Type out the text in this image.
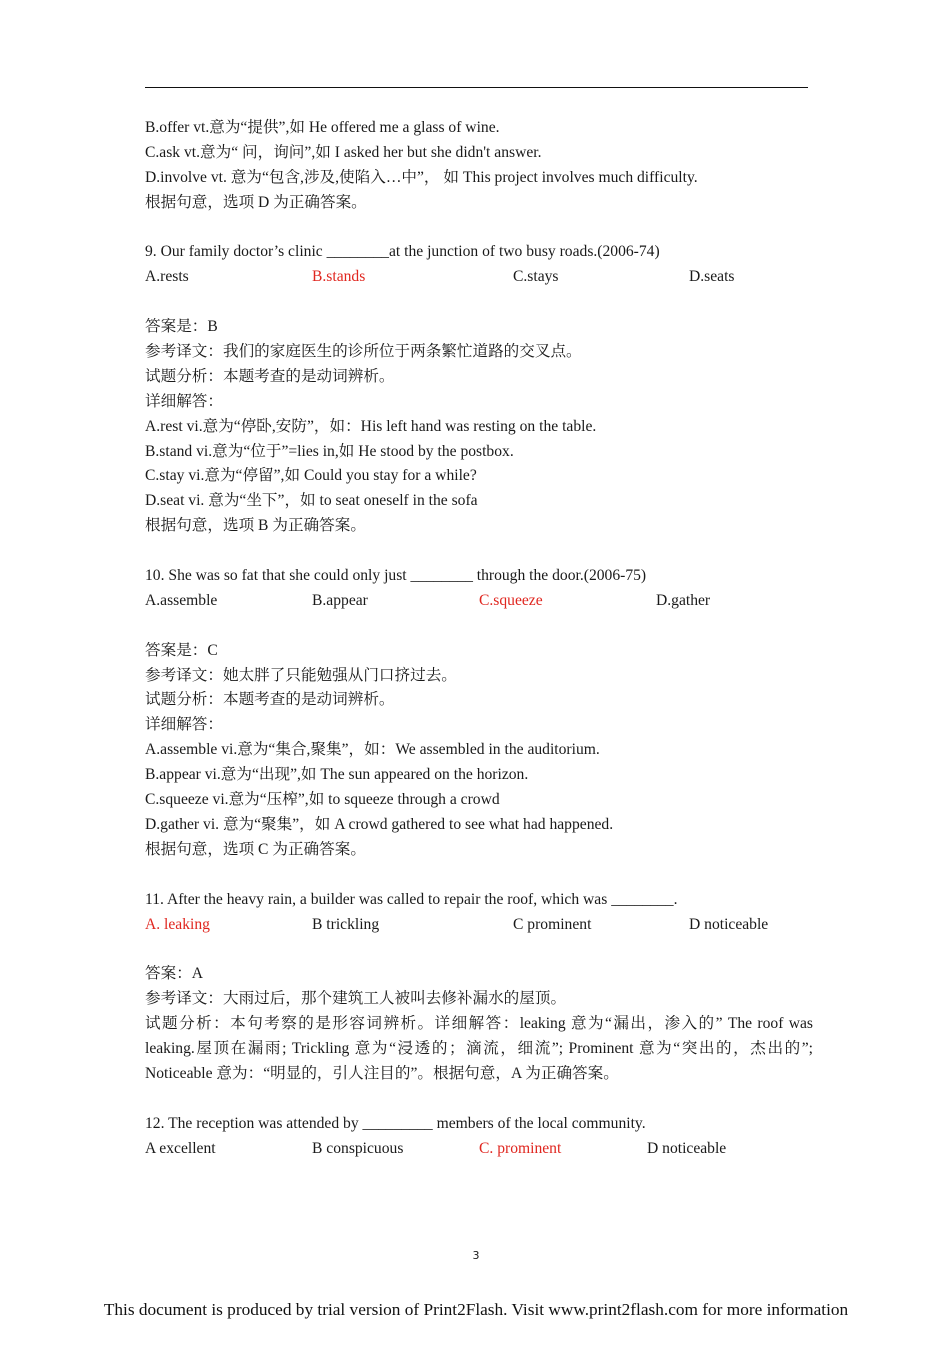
B.offer vt.意为“提供”,如 He offered me a glass of wine.
C.ask vt.意为“ 问，询问”,如 I asked her but she didn't answer.
D.involve vt. 意为“包含,涉及,使陷入…中”， 如 This project involves much difficulty.
根据句意，选项 D 为正确答案。
9. Our family doctor’s clinic ________at the junction of two busy roads.(2006-74)
A.rests	B.stands	C.stays	D.seats
答案是：B
参考译文：我们的家庭医生的诊所位于两条繁忙道路的交叉点。
试题分析：本题考查的是动词辨析。
详细解答：
A.rest vi.意为“停卧,安防”，如：His left hand was resting on the table.
B.stand vi.意为“位于”=lies in,如 He stood by the postbox.
C.stay vi.意为“停留”,如 Could you stay for a while?
D.seat vi. 意为“坐下”，如 to seat oneself in the sofa
根据句意，选项 B 为正确答案。
10. She was so fat that she could only just ________ through the door.(2006-75)
A.assemble	B.appear	C.squeeze	D.gather
答案是：C
参考译文：她太胖了只能勉强从门口挤过去。
试题分析：本题考查的是动词辨析。
详细解答：
A.assemble vi.意为“集合,聚集”，如：We assembled in the auditorium.
B.appear vi.意为“出现”,如 The sun appeared on the horizon.
C.squeeze vi.意为“压榨”,如 to squeeze through a crowd
D.gather vi. 意为“聚集”，如 A crowd gathered to see what had happened.
根据句意，选项 C 为正确答案。
11. After the heavy rain, a builder was called to repair the roof, which was ________.
A. leaking	B trickling	C prominent	D noticeable
答案：A
参考译文：大雨过后，那个建筑工人被叫去修补漏水的屋顶。
试题分析：本句考察的是形容词辨析。详细解答：leaking 意为“漏出，渗入的” The roof was leaking.屋顶在漏雨; Trickling 意为“浸透的；滴流，细流”; Prominent 意为“突出的，杰出的”; Noticeable 意为：“明显的，引人注目的”。根据句意，A 为正确答案。
12. The reception was attended by _________ members of the local community.
A excellent	B conspicuous	C. prominent	D noticeable
3
This document is produced by trial version of Print2Flash. Visit www.print2flash.com for more information
